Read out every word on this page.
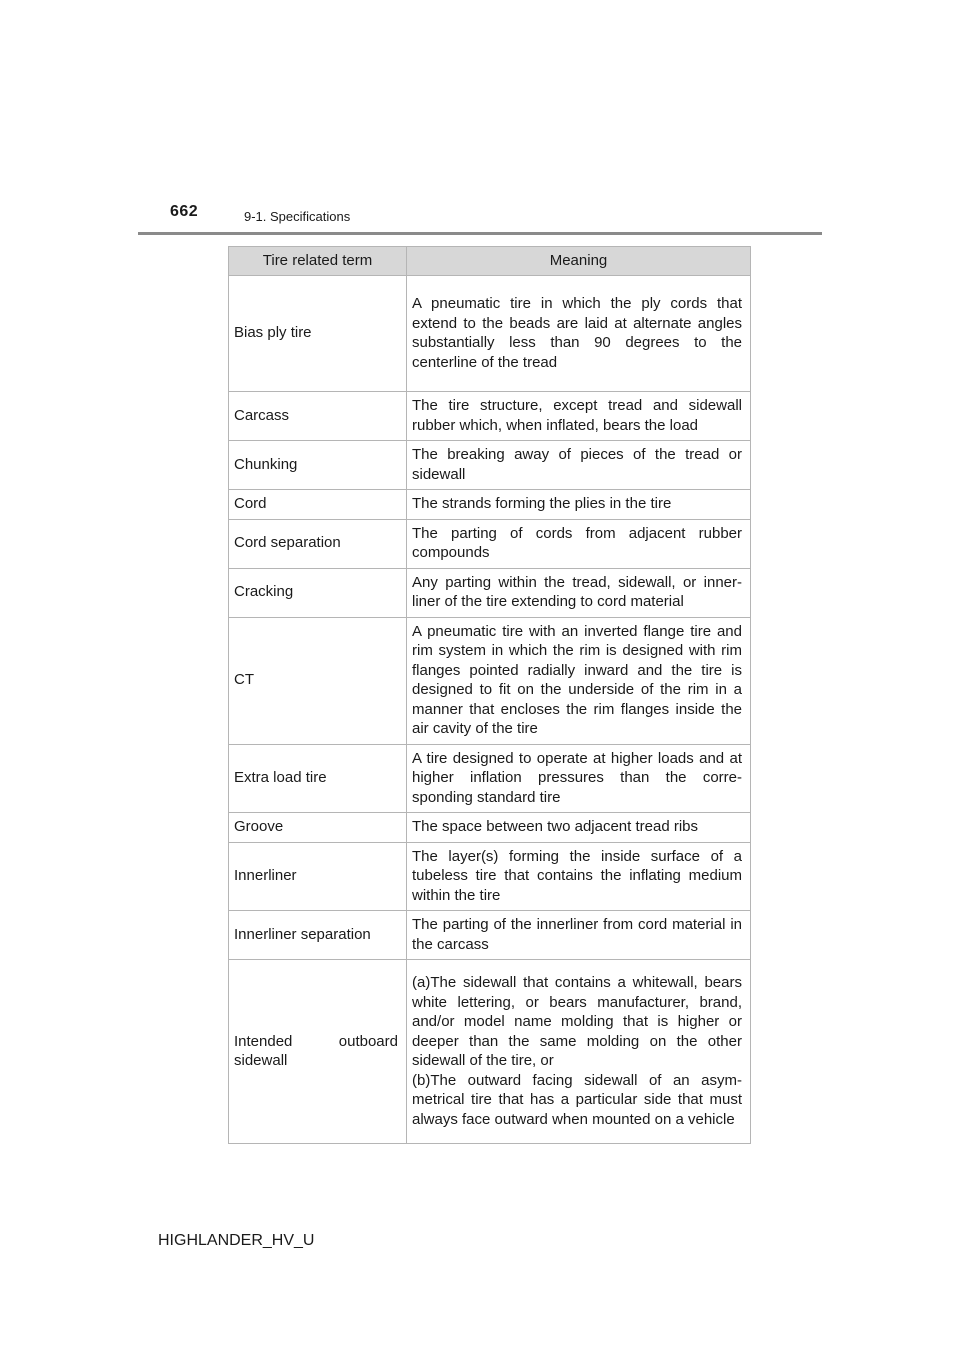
662	9-1. Specifications
Tire related term	Meaning
Bias ply tire	A pneumatic tire in which the ply cords that extend to the beads are laid at alternate angles substantially less than 90 degrees to the centerline of the tread
Carcass	The tire structure, except tread and sidewall rubber which, when inflated, bears the load
Chunking	The breaking away of pieces of the tread or sidewall
Cord	The strands forming the plies in the tire
Cord separation	The parting of cords from adjacent rubber compounds
Cracking	Any parting within the tread, sidewall, or inner-liner of the tire extending to cord material
CT	A pneumatic tire with an inverted flange tire and rim system in which the rim is designed with rim flanges pointed radially inward and the tire is designed to fit on the underside of the rim in a manner that encloses the rim flanges inside the air cavity of the tire
Extra load tire	A tire designed to operate at higher loads and at higher inflation pressures than the corre-sponding standard tire
Groove	The space between two adjacent tread ribs
Innerliner	The layer(s) forming the inside surface of a tubeless tire that contains the inflating medium within the tire
Innerliner separation	The parting of the innerliner from cord material in the carcass
Intended outboard sidewall	(a)The sidewall that contains a whitewall, bears white lettering, or bears manufacturer, brand, and/or model name molding that is higher or deeper than the same molding on the other sidewall of the tire, or
(b)The outward facing sidewall of an asym-metrical tire that has a particular side that must always face outward when mounted on a vehicle
HIGHLANDER_HV_U
